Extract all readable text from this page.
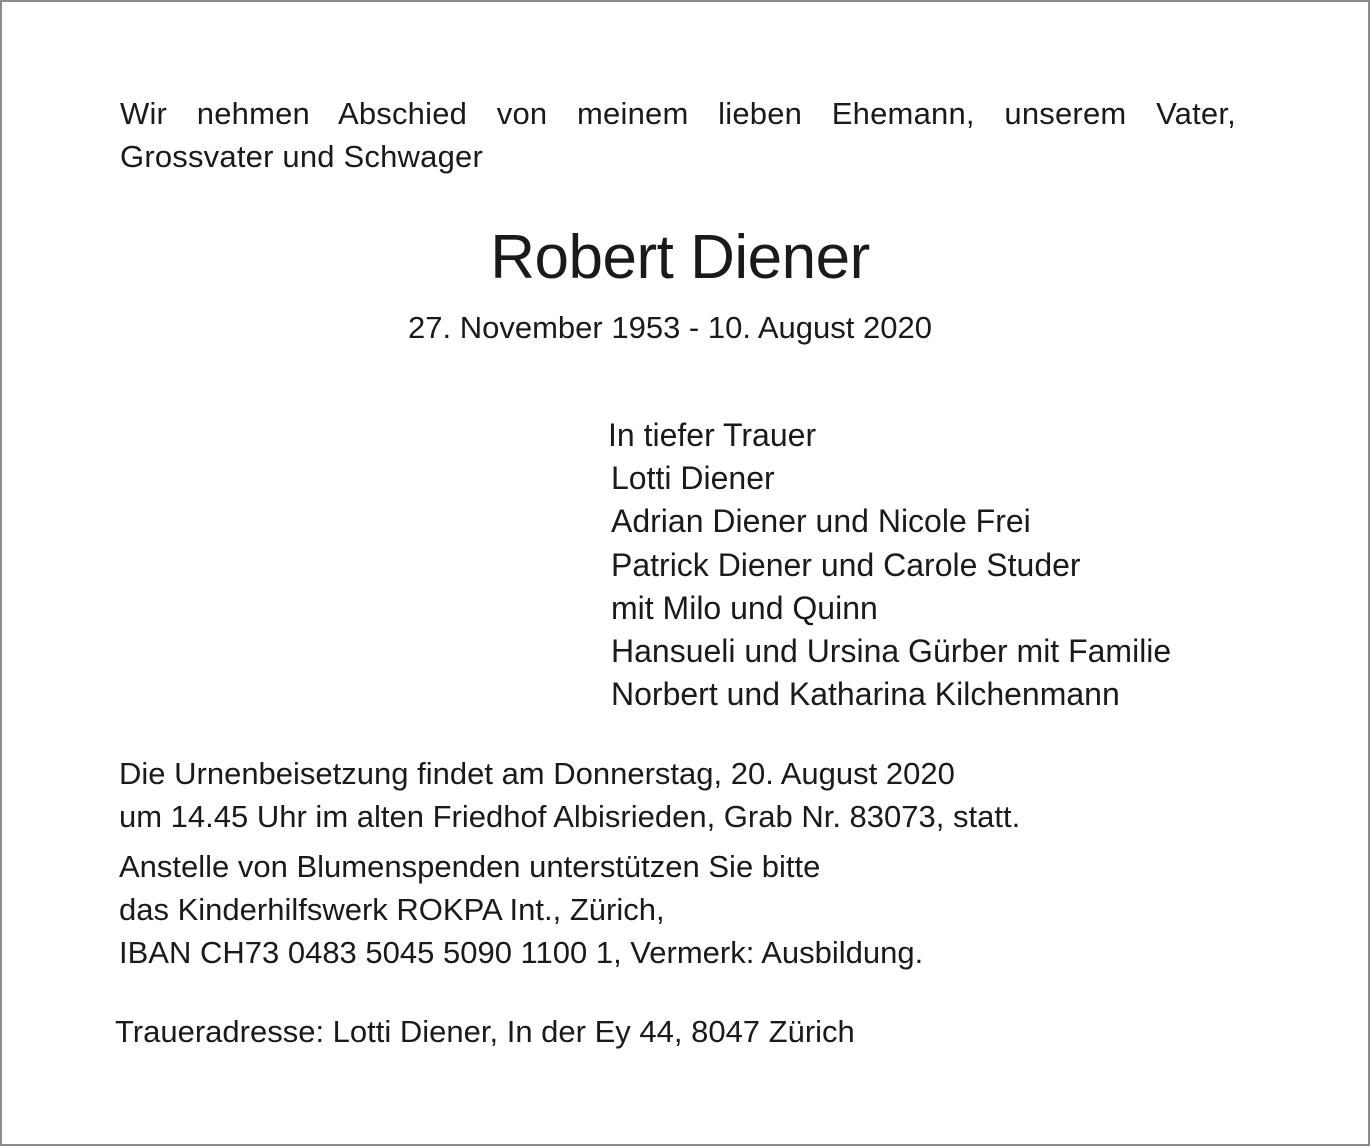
Wir nehmen Abschied von meinem lieben Ehemann, unserem Vater,
Grossvater und Schwager
Robert Diener
27. November 1953 - 10. August 2020
In tiefer Trauer
Lotti Diener
Adrian Diener und Nicole Frei
Patrick Diener und Carole Studer
mit Milo und Quinn
Hansueli und Ursina Gürber mit Familie
Norbert und Katharina Kilchenmann
Die Urnenbeisetzung findet am Donnerstag, 20. August 2020
um 14.45 Uhr im alten Friedhof Albisrieden, Grab Nr. 83073, statt.
Anstelle von Blumenspenden unterstützen Sie bitte
das Kinderhilfswerk ROKPA Int., Zürich,
IBAN CH73 0483 5045 5090 1100 1, Vermerk: Ausbildung.
Traueradresse: Lotti Diener, In der Ey 44, 8047 Zürich
